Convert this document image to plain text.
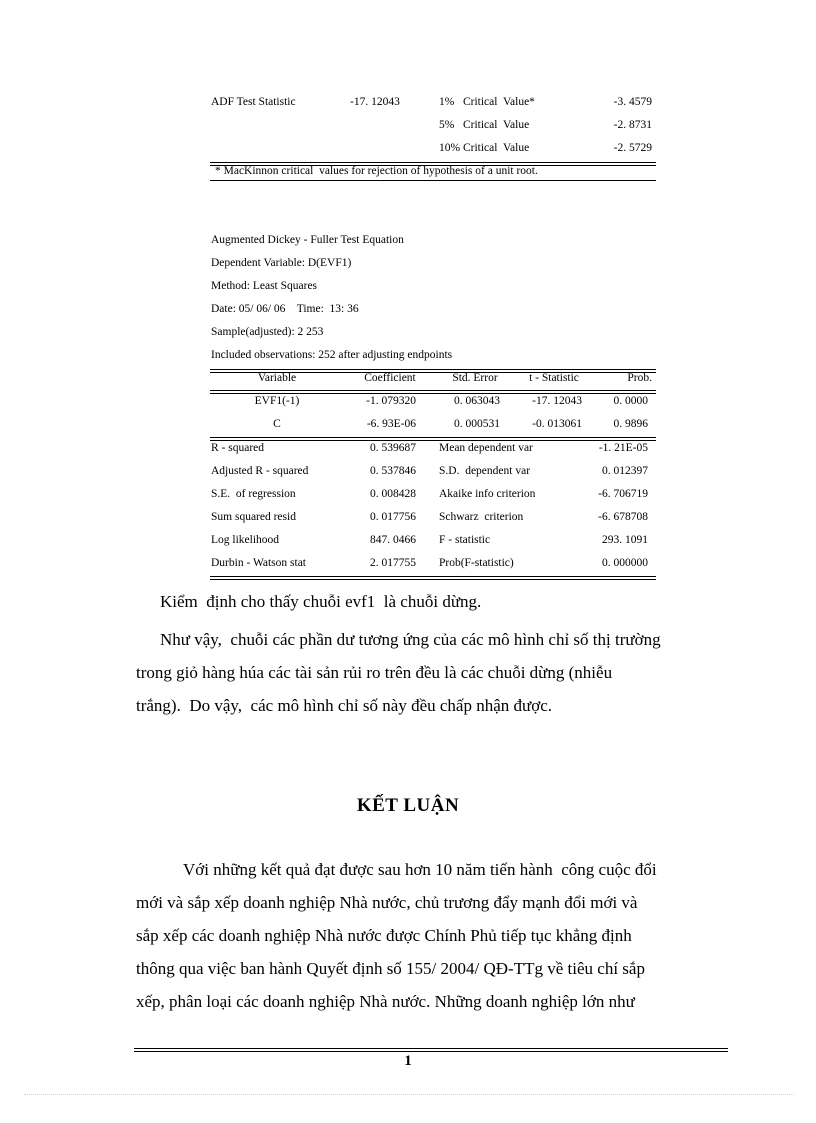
ADF Test Statistic	-17. 12043	1%   Critical  Value*	-3. 4579
5%   Critical  Value	-2. 8731
10% Critical  Value	-2. 5729
* MacKinnon critical  values for rejection of hypothesis of a unit root.
Augmented Dickey - Fuller Test Equation
Dependent Variable: D(EVF1)
Method: Least Squares
Date: 05/ 06/ 06    Time:  13: 36
Sample(adjusted): 2 253
Included observations: 252 after adjusting endpoints
Variable	Coefficient	Std. Error	t - Statistic	Prob.
EVF1(-1)	-1. 079320	0. 063043	-17. 12043	0. 0000
C	-6. 93E-06	0. 000531	-0. 013061	0. 9896
R - squared	0. 539687 Mean dependent var	-1. 21E-05
Adjusted R - squared	0. 537846 S.D.  dependent var	0. 012397
S.E.  of regression	0. 008428 Akaike info criterion	-6. 706719
Sum squared resid	0. 017756 Schwarz  criterion	-6. 678708
Log likelihood	847. 0466 F - statistic	293. 1091
Durbin - Watson stat	2. 017755 Prob(F-statistic)	0. 000000
Kiểm  định cho thấy chuỗi evf1  là chuỗi dừng.
Như vậy,  chuỗi các phần dư tương ứng của các mô hình chỉ số thị trường
trong giỏ hàng húa các tài sản rủi ro trên đều là các chuỗi dừng (nhiễu
trắng).  Do vậy,  các mô hình chỉ số này đều chấp nhận được.
KẾT LUẬN
Với những kết quả đạt được sau hơn 10 năm tiến hành  công cuộc đổi
mới và sắp xếp doanh nghiệp Nhà nước, chủ trương đẩy mạnh đổi mới và
sắp xếp các doanh nghiệp Nhà nước được Chính Phủ tiếp tục khẳng định
thông qua việc ban hành Quyết định số 155/ 2004/ QĐ-TTg về tiêu chí sắp
xếp, phân loại các doanh nghiệp Nhà nước. Những doanh nghiệp lớn như
1
